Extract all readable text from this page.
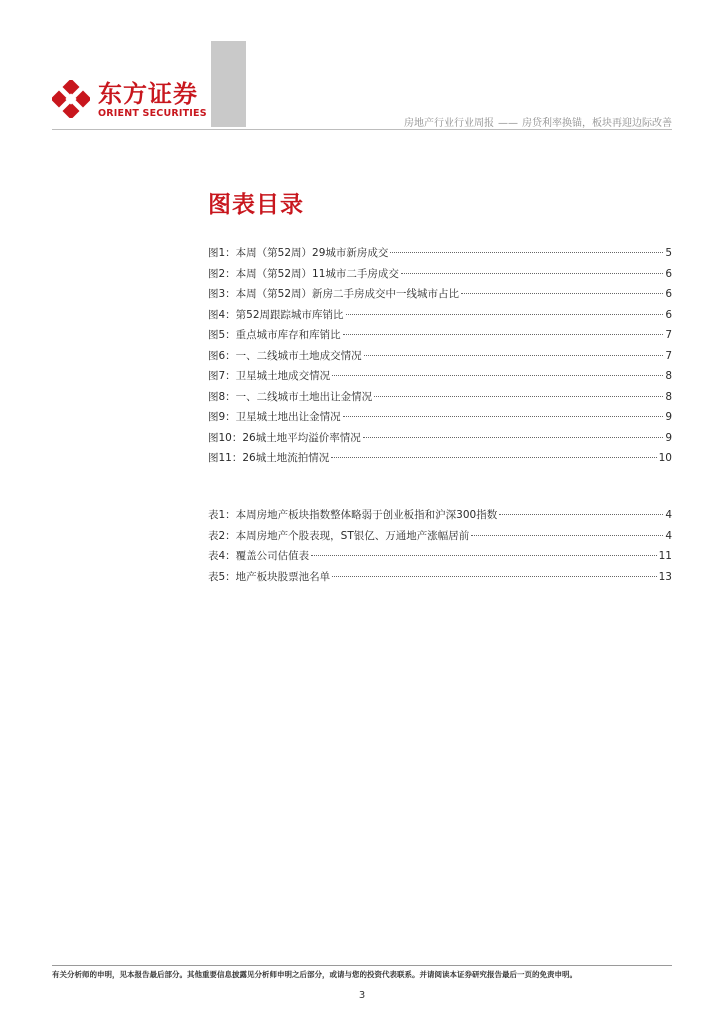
东方证券
ORIENT SECURITIES
房地产行业行业周报 —— 房贷利率换锚，板块再迎边际改善
图表目录
图1：本周（第52周）29城市新房成交	5
图2：本周（第52周）11城市二手房成交	6
图3：本周（第52周）新房二手房成交中一线城市占比	6
图4：第52周跟踪城市库销比	6
图5：重点城市库存和库销比	7
图6：一、二线城市土地成交情况	7
图7：卫星城土地成交情况	8
图8：一、二线城市土地出让金情况	8
图9：卫星城土地出让金情况	9
图10：26城土地平均溢价率情况	9
图11：26城土地流拍情况	10
表1：本周房地产板块指数整体略弱于创业板指和沪深300指数	4
表2：本周房地产个股表现，ST银亿、万通地产涨幅居前	4
表4：覆盖公司估值表	11
表5：地产板块股票池名单	13
有关分析师的申明，见本报告最后部分。其他重要信息披露见分析师申明之后部分，或请与您的投资代表联系。并请阅读本证券研究报告最后一页的免责申明。
3
